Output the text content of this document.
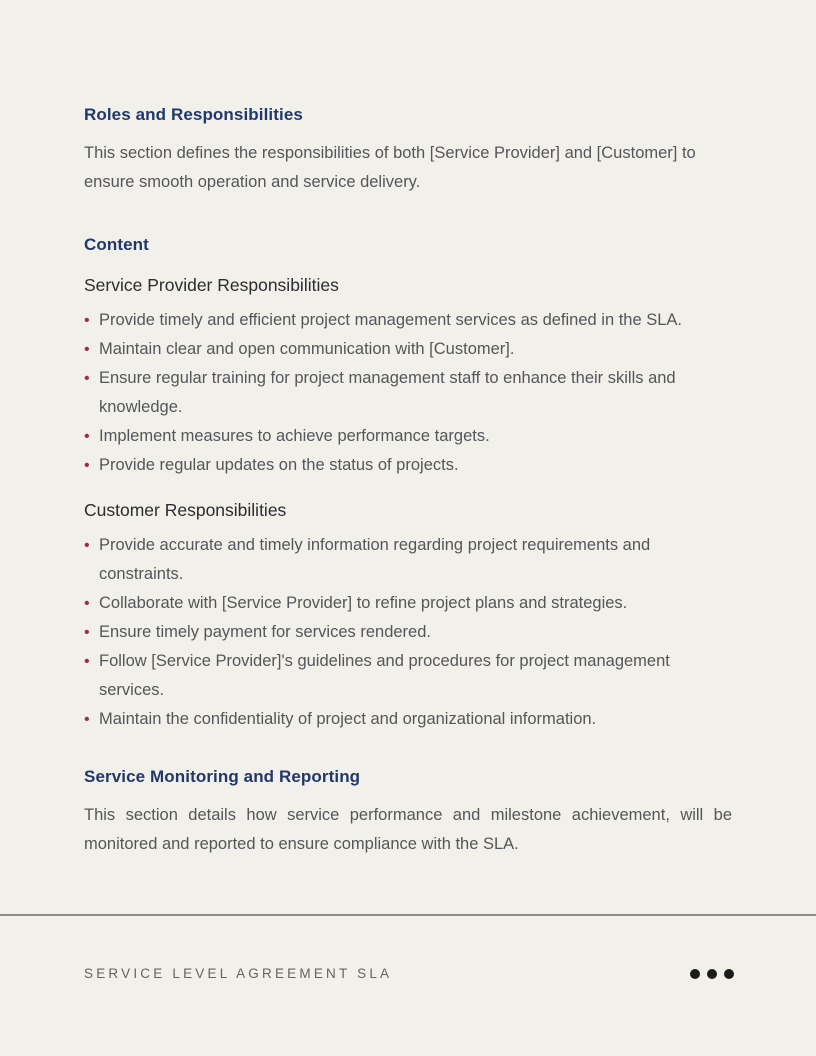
Roles and Responsibilities

This section defines the responsibilities of both [Service Provider] and [Customer] to ensure smooth operation and service delivery.

Content
Service Provider Responsibilities
• Provide timely and efficient project management services as defined in the SLA.
• Maintain clear and open communication with [Customer].
• Ensure regular training for project management staff to enhance their skills and knowledge.
• Implement measures to achieve performance targets.
• Provide regular updates on the status of projects.
Customer Responsibilities
• Provide accurate and timely information regarding project requirements and constraints.
• Collaborate with [Service Provider] to refine project plans and strategies.
• Ensure timely payment for services rendered.
• Follow [Service Provider]'s guidelines and procedures for project management services.
• Maintain the confidentiality of project and organizational information.
Service Monitoring and Reporting

This section details how service performance and milestone achievement, will be monitored and reported to ensure compliance with the SLA.

SERVICE LEVEL AGREEMENT SLA
